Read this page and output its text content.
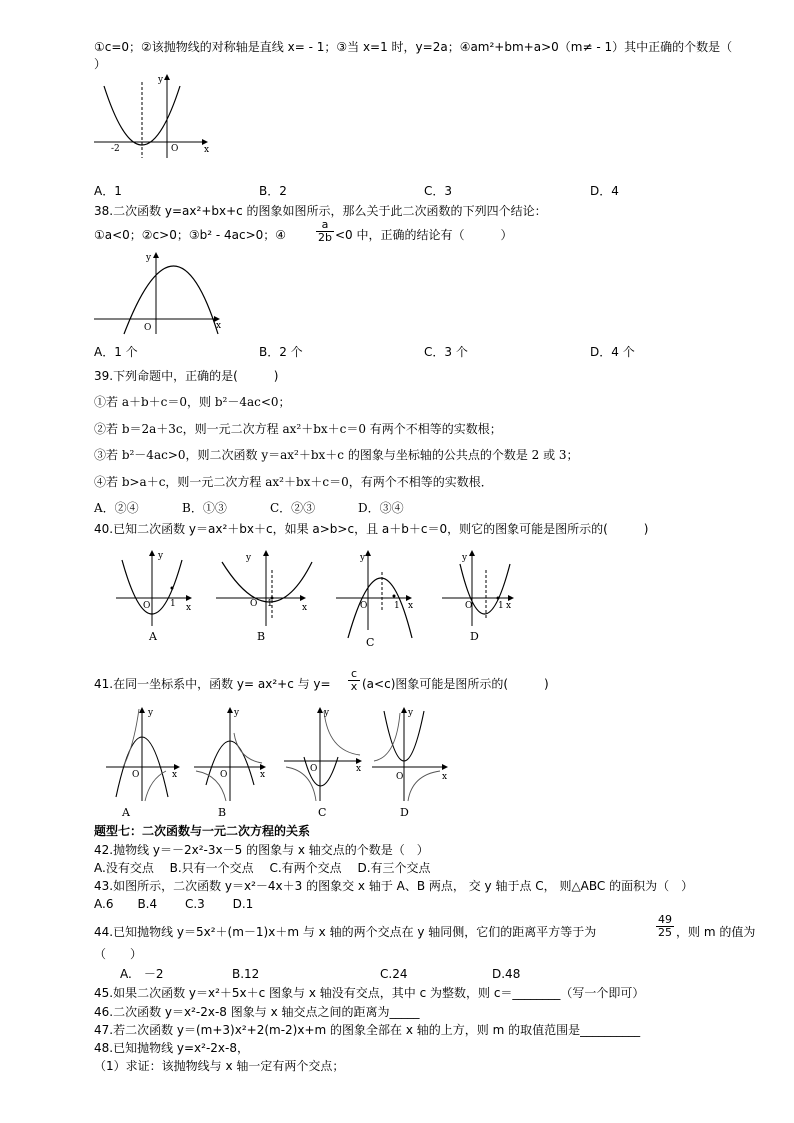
①c=0；②该抛物线的对称轴是直线 x= - 1；③当 x=1 时，y=2a；④am²+bm+a>0（m≠ - 1）其中正确的个数是（
）
y
x
O
-2
A．1	B．2	C．3	D．4
38.二次函数 y=ax²+bx+c 的图象如图所示，那么关于此二次函数的下列四个结论：
①a<0；②c>0；③b² - 4ac>0；④	$\frac{a}{2b} <0$ 中，正确的结论有（　　　）
y
x
O
A．1 个	B．2 个	C．3 个	D．4 个
39.下列命题中，正确的是(　　　)
①若 a＋b＋c＝0，则 b²－4ac<0；
②若 b＝2a＋3c，则一元二次方程 ax²＋bx＋c＝0 有两个不相等的实数根；
③若 b²－4ac>0，则二次函数 y＝ax²＋bx＋c 的图象与坐标轴的公共点的个数是 2 或 3；
④若 b>a＋c，则一元二次方程 ax²＋bx＋c＝0，有两个不相等的实数根．
A．②④	B．①③	C．②③	D．③④
40.已知二次函数 y＝ax²＋bx＋c，如果 a>b>c，且 a＋b＋c＝0，则它的图象可能是图所示的(　　　)
y
x
O 1
A
y
x
O 1
B
y
x
O	1
C
y
x
O	1
D
41.在同一坐标系中，函数 y= ax²+c 与 $y= \frac{c}{x} (a<c)$图象可能是图所示的(　　　)
y
x
O
A
y
x
O
B
y
x
O
C
y
x
O
D
题型七：二次函数与一元二次方程的关系
42.抛物线 y＝－2x²-3x－5 的图象与 x 轴交点的个数是（　）
A.没有交点　 B.只有一个交点　 C.有两个交点　 D.有三个交点
43.如图所示，二次函数 y＝x²－4x＋3 的图象交 x 轴于 A、B 两点， 交 y 轴于点 C， 则△ABC 的面积为（　）
A.6　　B.4　　 C.3　　 D.1
44.已知抛物线 y＝5x²＋(m－1)x＋m 与 x 轴的两个交点在 y 轴同侧，它们的距离平方等于为	$\frac{49}{25}$ ，则 m 的值为
（　　）
A.　－2	B.12	C.24	D.48
45.如果二次函数 y＝x²＋5x＋c 图象与 x 轴没有交点，其中 c 为整数，则 c＝________（写一个即可）
46.二次函数 y＝x²-2x-8 图象与 x 轴交点之间的距离为_____
47.若二次函数 y＝(m+3)x²+2(m-2)x+m 的图象全部在 x 轴的上方，则 m 的取值范围是__________
48.已知抛物线 y=x²-2x-8，
（1）求证：该抛物线与 x 轴一定有两个交点；
